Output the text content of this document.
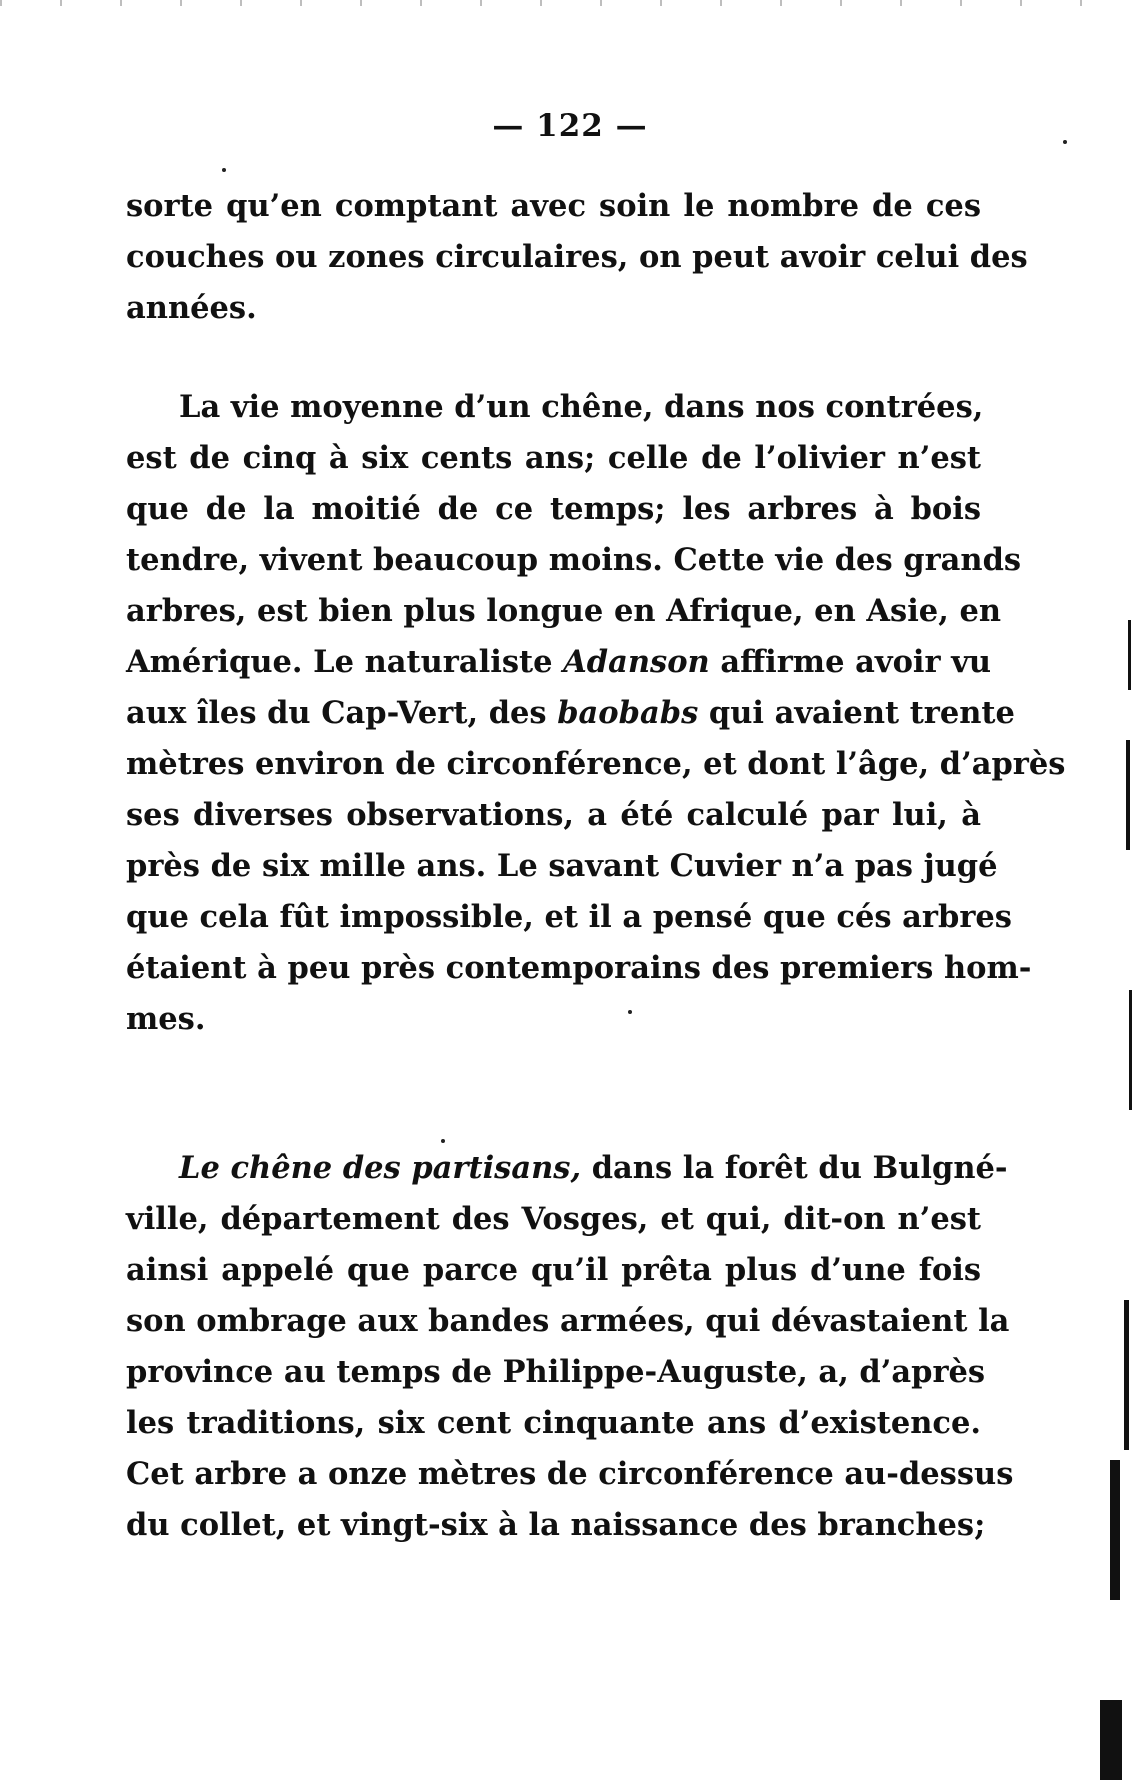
— 122 —
sorte qu’en comptant avec soin le nombre de ces
couches ou zones circulaires, on peut avoir celui des
années.
La vie moyenne d’un chêne, dans nos contrées,
est de cinq à six cents ans; celle de l’olivier n’est
que de la moitié de ce temps; les arbres à bois
tendre, vivent beaucoup moins. Cette vie des grands
arbres, est bien plus longue en Afrique, en Asie, en
Amérique. Le naturaliste Adanson affirme avoir vu
aux îles du Cap-Vert, des baobabs qui avaient trente
mètres environ de circonférence, et dont l’âge, d’après
ses diverses observations, a été calculé par lui, à
près de six mille ans. Le savant Cuvier n’a pas jugé
que cela fût impossible, et il a pensé que cés arbres
étaient à peu près contemporains des premiers hom-
mes.
Le chêne des partisans, dans la forêt du Bulgné-
ville, département des Vosges, et qui, dit-on n’est
ainsi appelé que parce qu’il prêta plus d’une fois
son ombrage aux bandes armées, qui dévastaient la
province au temps de Philippe-Auguste, a, d’après
les traditions, six cent cinquante ans d’existence.
Cet arbre a onze mètres de circonférence au-dessus
du collet, et vingt-six à la naissance des branches;
